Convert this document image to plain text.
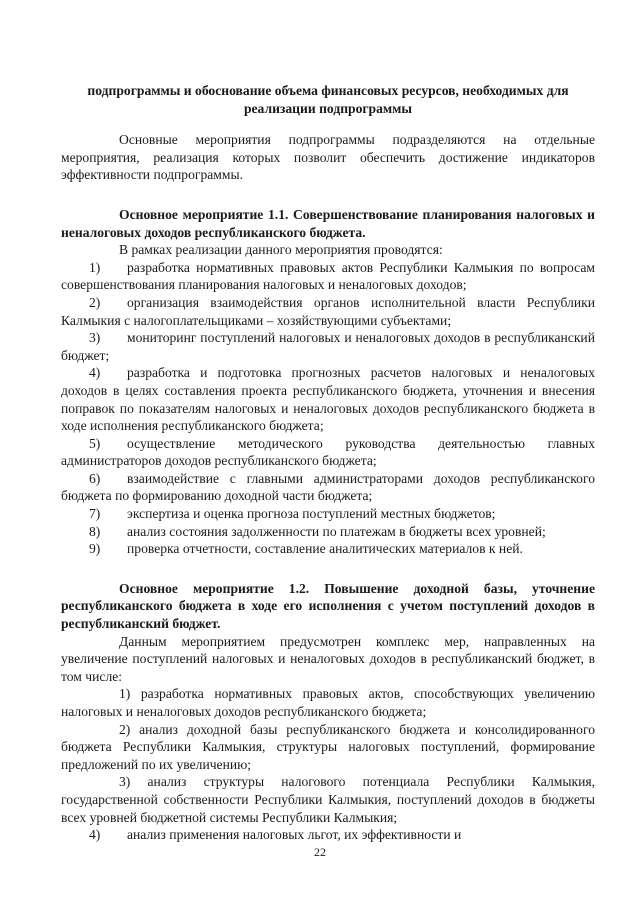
подпрограммы и обоснование объема финансовых ресурсов, необходимых для реализации подпрограммы

Основные мероприятия подпрограммы подразделяются на отдельные мероприятия, реализация которых позволит обеспечить достижение индикаторов эффективности подпрограммы.

Основное мероприятие 1.1. Совершенствование планирования налоговых и неналоговых доходов республиканского бюджета.

В рамках реализации данного мероприятия проводятся:

1) разработка нормативных правовых актов Республики Калмыкия по вопросам совершенствования планирования налоговых и неналоговых доходов;

2) организация взаимодействия органов исполнительной власти Республики Калмыкия с налогоплательщиками – хозяйствующими субъектами;

3) мониторинг поступлений налоговых и неналоговых доходов в республиканский бюджет;

4) разработка и подготовка прогнозных расчетов налоговых и неналоговых доходов в целях составления проекта республиканского бюджета, уточнения и внесения поправок по показателям налоговых и неналоговых доходов республиканского бюджета в ходе исполнения республиканского бюджета;

5) осуществление методического руководства деятельностью главных администраторов доходов республиканского бюджета;

6) взаимодействие с главными администраторами доходов республиканского бюджета по формированию доходной части бюджета;

7) экспертиза и оценка прогноза поступлений местных бюджетов;

8) анализ состояния задолженности по платежам в бюджеты всех уровней;

9) проверка отчетности, составление аналитических материалов к ней.

Основное мероприятие 1.2. Повышение доходной базы, уточнение республиканского бюджета в ходе его исполнения с учетом поступлений доходов в республиканский бюджет.

Данным мероприятием предусмотрен комплекс мер, направленных на увеличение поступлений налоговых и неналоговых доходов в республиканский бюджет, в том числе:

1) разработка нормативных правовых актов, способствующих увеличению налоговых и неналоговых доходов республиканского бюджета;

2) анализ доходной базы республиканского бюджета и консолидированного бюджета Республики Калмыкия, структуры налоговых поступлений, формирование предложений по их увеличению;

3) анализ структуры налогового потенциала Республики Калмыкия, государственной собственности Республики Калмыкия, поступлений доходов в бюджеты всех уровней бюджетной системы Республики Калмыкия;

4) анализ применения налоговых льгот, их эффективности и

22
